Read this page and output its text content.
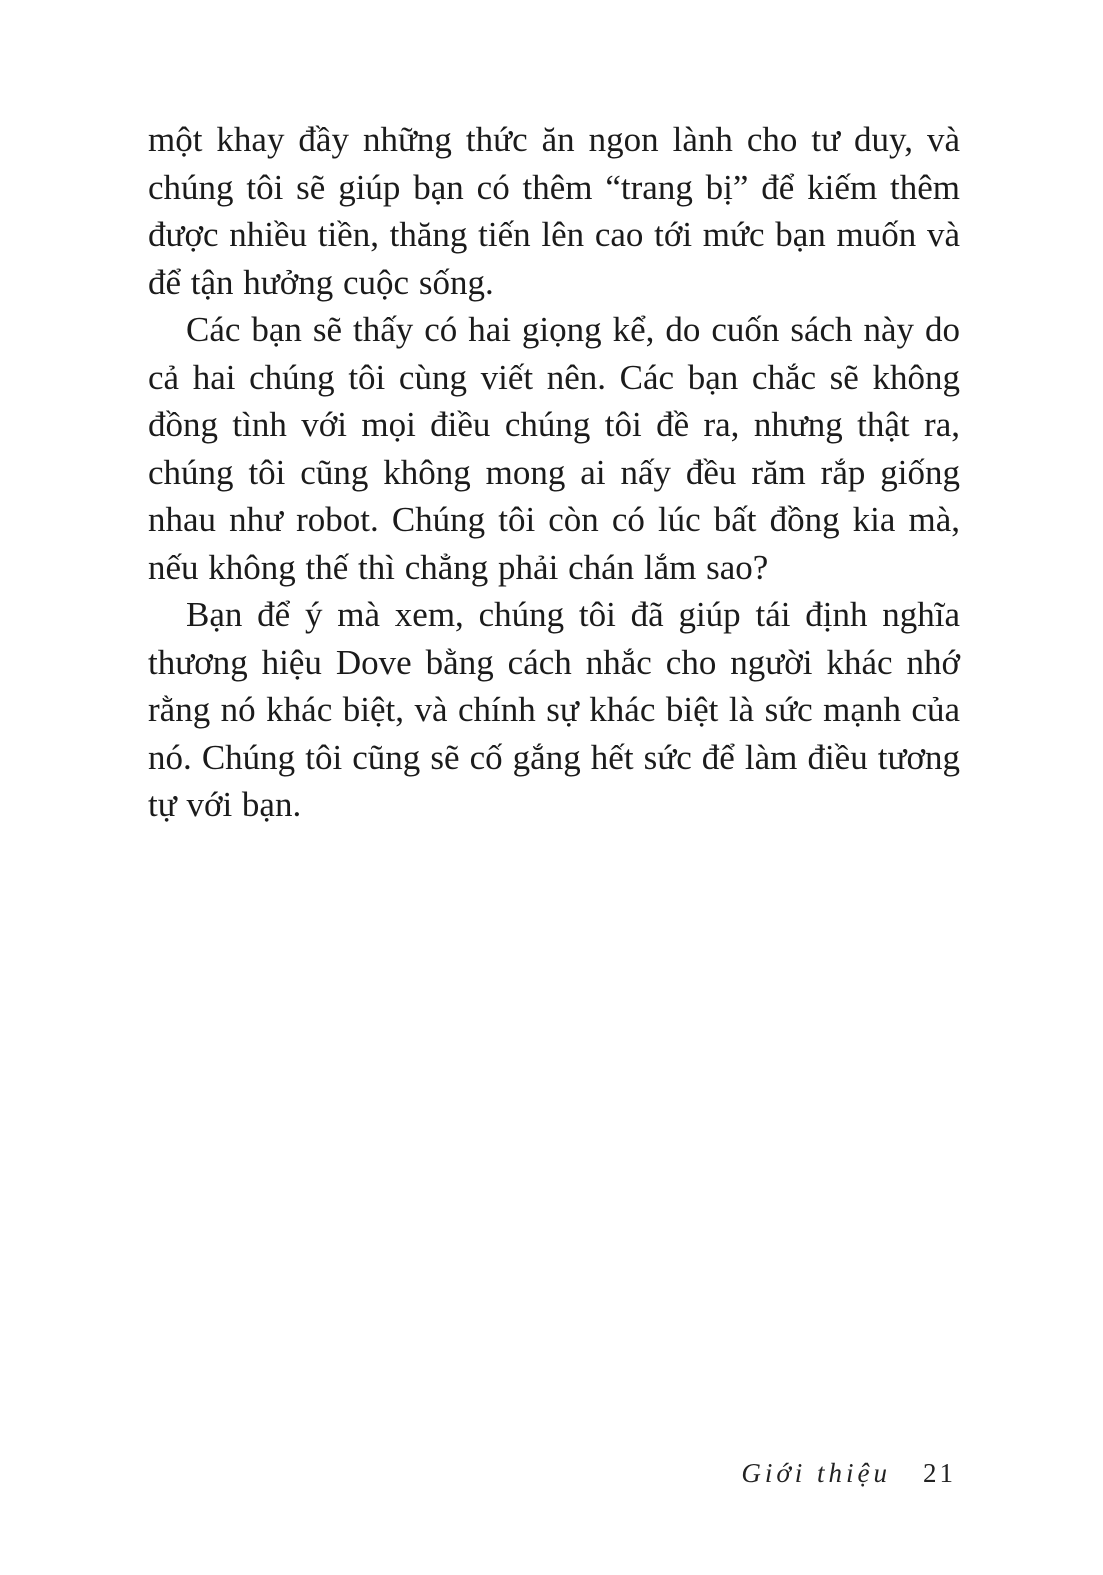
một khay đầy những thức ăn ngon lành cho tư duy, và chúng tôi sẽ giúp bạn có thêm “trang bị” để kiếm thêm được nhiều tiền, thăng tiến lên cao tới mức bạn muốn và để tận hưởng cuộc sống.

Các bạn sẽ thấy có hai giọng kể, do cuốn sách này do cả hai chúng tôi cùng viết nên. Các bạn chắc sẽ không đồng tình với mọi điều chúng tôi đề ra, nhưng thật ra, chúng tôi cũng không mong ai nấy đều răm rắp giống nhau như robot. Chúng tôi còn có lúc bất đồng kia mà, nếu không thế thì chẳng phải chán lắm sao?

Bạn để ý mà xem, chúng tôi đã giúp tái định nghĩa thương hiệu Dove bằng cách nhắc cho người khác nhớ rằng nó khác biệt, và chính sự khác biệt là sức mạnh của nó. Chúng tôi cũng sẽ cố gắng hết sức để làm điều tương tự với bạn.

Giới thiệu 21
